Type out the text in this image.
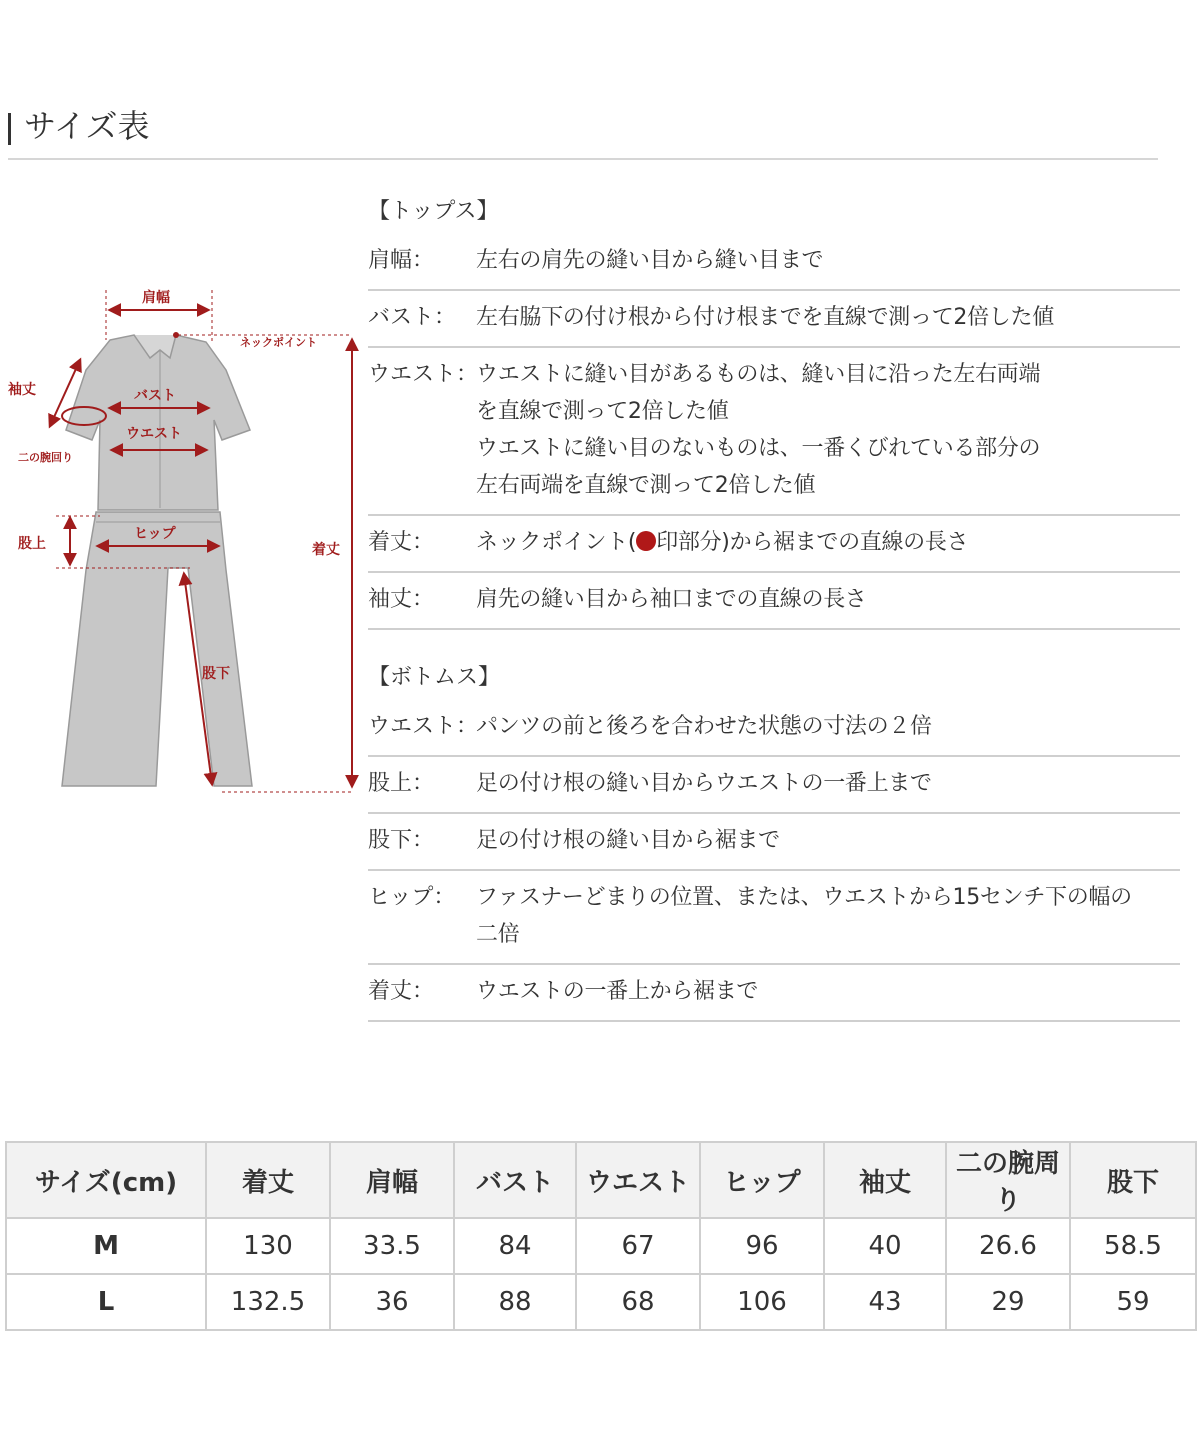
サイズ表
肩幅
ネックポイント
着丈
袖丈	バスト
ウエスト
二の腕回り
股上
ヒップ
股下
【トップス】
肩幅：	左右の肩先の縫い目から縫い目まで
バスト： 左右脇下の付け根から付け根までを直線で測って2倍した値
ウエスト：
ウエストに縫い目があるものは、縫い目に沿った左右両端
を直線で測って2倍した値
ウエストに縫い目のないものは、一番くびれている部分の
左右両端を直線で測って2倍した値
着丈：	ネックポイント( 印部分)から裾までの直線の長さ
袖丈：	肩先の縫い目から袖口までの直線の長さ
【ボトムス】
ウエスト：
パンツの前と後ろを合わせた状態の寸法の２倍
股上：	足の付け根の縫い目からウエストの一番上まで
股下：	足の付け根の縫い目から裾まで
ヒップ： ファスナーどまりの位置、または、ウエストから15センチ下の幅の
二倍
着丈：	ウエストの一番上から裾まで
サイズ(cm)	着丈	肩幅	バスト	ウエスト	ヒップ	袖丈	二の腕周り	股下
M	130	33.5	84	67	96	40	26.6	58.5
L	132.5	36	88	68	106	43	29	59
